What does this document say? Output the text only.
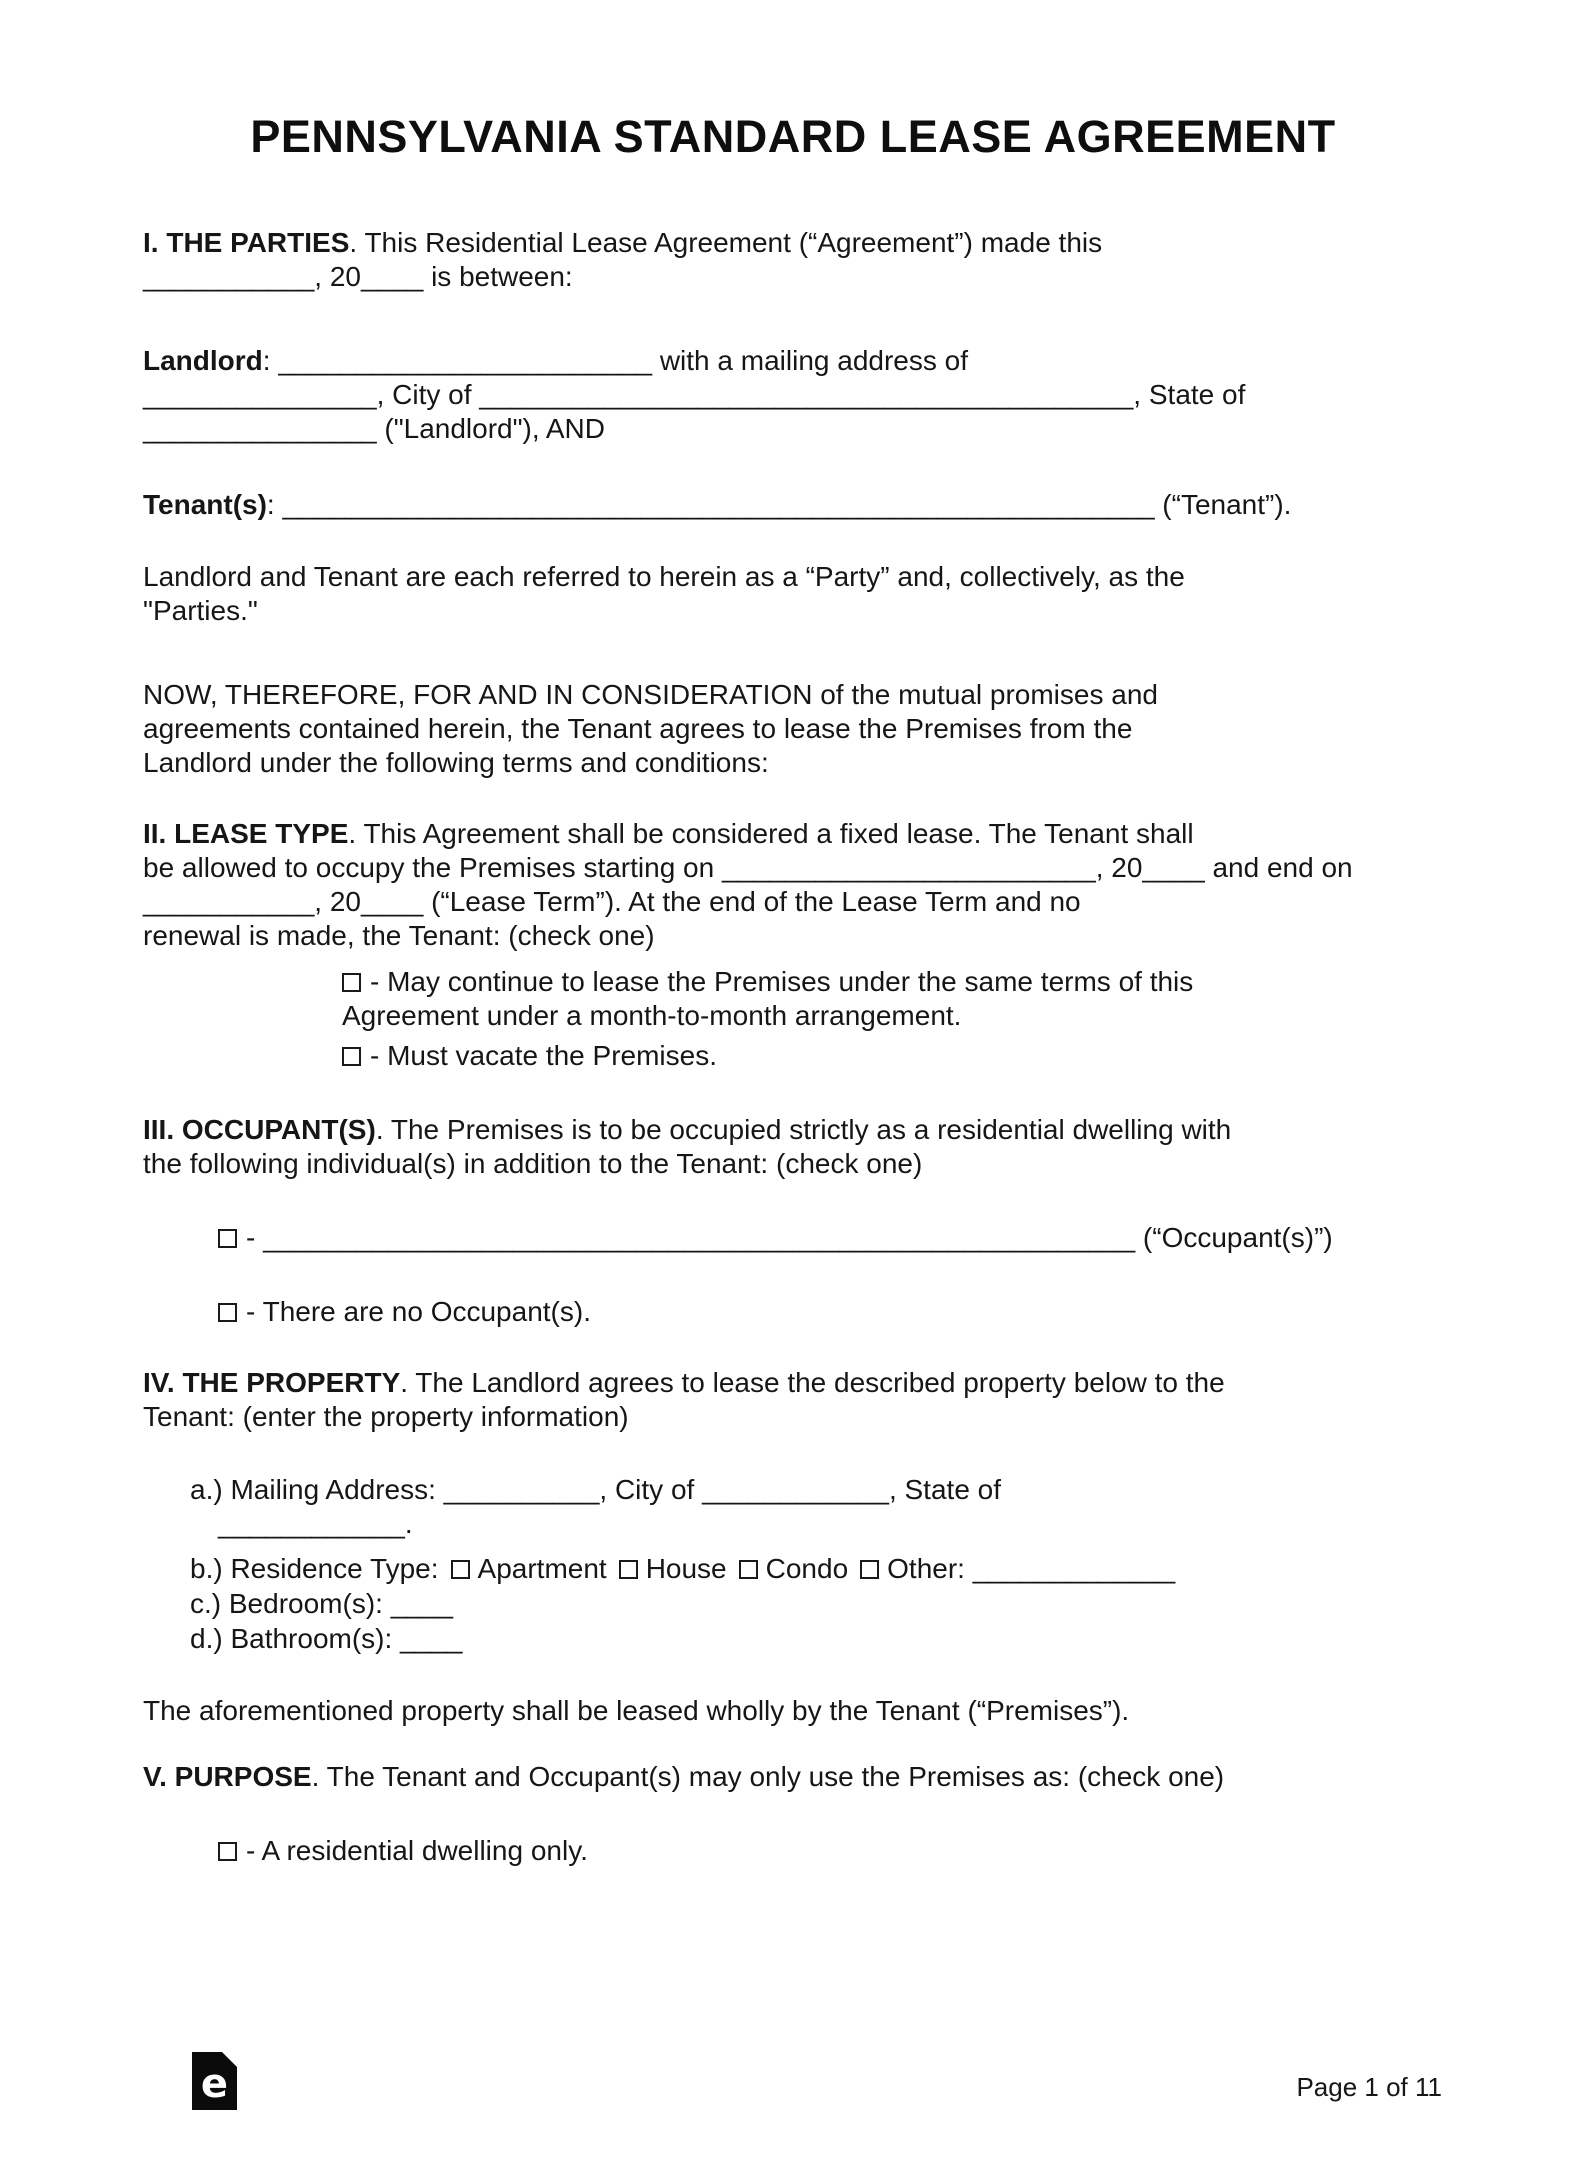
PENNSYLVANIA STANDARD LEASE AGREEMENT

I. THE PARTIES. This Residential Lease Agreement (“Agreement”) made this
___________, 20____ is between:

Landlord: ________________________ with a mailing address of
_______________, City of __________________________________________, State of
_______________ ("Landlord"), AND

Tenant(s): ________________________________________________________ (“Tenant”).

Landlord and Tenant are each referred to herein as a “Party” and, collectively, as the
"Parties."

NOW, THEREFORE, FOR AND IN CONSIDERATION of the mutual promises and
agreements contained herein, the Tenant agrees to lease the Premises from the
Landlord under the following terms and conditions:

II. LEASE TYPE. This Agreement shall be considered a fixed lease. The Tenant shall
be allowed to occupy the Premises starting on ________________________, 20____ and end on
___________, 20____ (“Lease Term”). At the end of the Lease Term and no
renewal is made, the Tenant: (check one)

- May continue to lease the Premises under the same terms of this
Agreement under a month-to-month arrangement.
- Must vacate the Premises.

III. OCCUPANT(S). The Premises is to be occupied strictly as a residential dwelling with
the following individual(s) in addition to the Tenant: (check one)

- ________________________________________________________ (“Occupant(s)”)
- There are no Occupant(s).

IV. THE PROPERTY. The Landlord agrees to lease the described property below to the
Tenant: (enter the property information)

a.) Mailing Address: __________, City of ____________, State of
____________.
b.) Residence Type: Apartment House Condo Other: _____________
c.) Bedroom(s): ____
d.) Bathroom(s): ____

The aforementioned property shall be leased wholly by the Tenant (“Premises”).

V. PURPOSE. The Tenant and Occupant(s) may only use the Premises as: (check one)

- A residential dwelling only.
e	Page 1 of 11
